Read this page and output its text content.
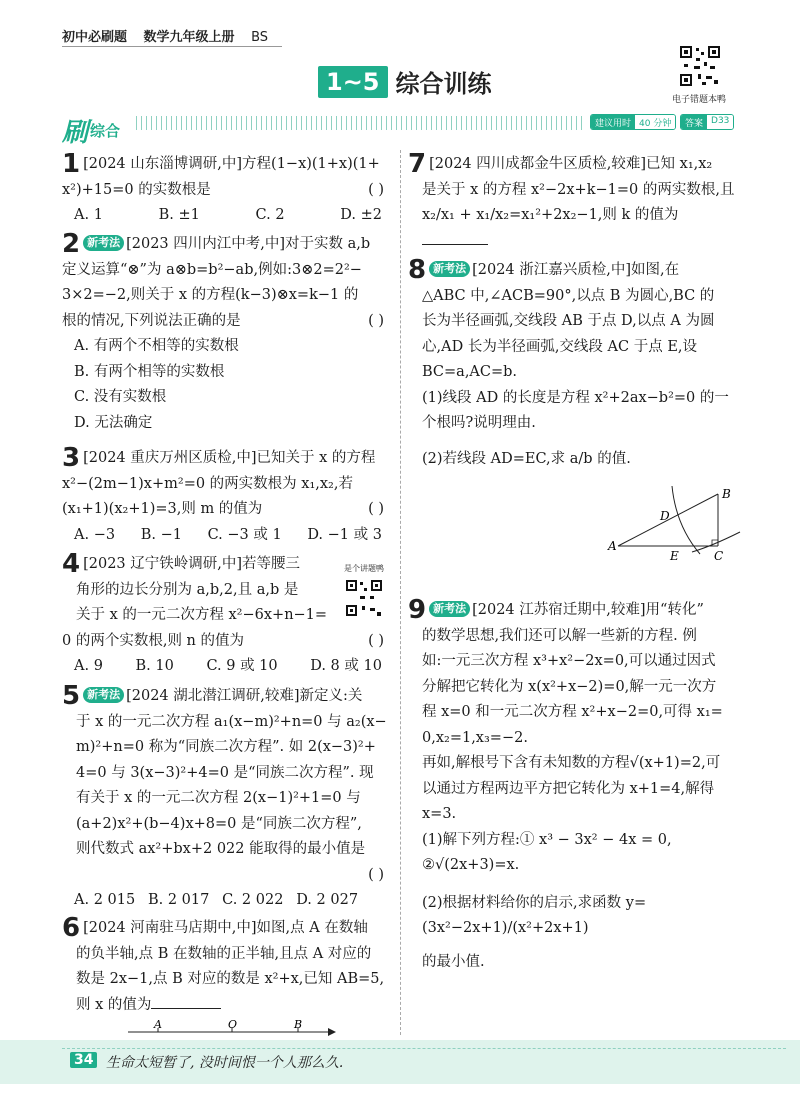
初中必刷题 数学九年级上册 BS
1~5 综合训练
电子错题本鸭
刷 综合	建议用时 40 分钟	答案 D33
1 [2024 山东淄博调研,中]方程(1−x)(1+x)(1+
x²)+15=0 的实数根是	( )
A. 1	B. ±1	C. 2	D. ±2
2 新考法 [2023 四川内江中考,中]对于实数 a,b
定义运算“⊗”为 a⊗b=b²−ab,例如:3⊗2=2²−
3×2=−2,则关于 x 的方程(k−3)⊗x=k−1 的
根的情况,下列说法正确的是	( )
A. 有两个不相等的实数根
B. 有两个相等的实数根
C. 没有实数根
D. 无法确定
3 [2024 重庆万州区质检,中]已知关于 x 的方程
x²−(2m−1)x+m²=0 的两实数根为 x₁,x₂,若
(x₁+1)(x₂+1)=3,则 m 的值为	( )
A. −3 B. −1 C. −3 或 1 D. −1 或 3
4 [2023 辽宁铁岭调研,中]若等腰三
角形的边长分别为 a,b,2,且 a,b 是
关于 x 的一元二次方程 x²−6x+n−1=
0 的两个实数根,则 n 的值为	( )
A. 9 B. 10 C. 9 或 10 D. 8 或 10
是个讲题鸭
5 新考法 [2024 湖北潜江调研,较难]新定义:关
于 x 的一元二次方程 a₁(x−m)²+n=0 与 a₂(x−
m)²+n=0 称为“同族二次方程”. 如 2(x−3)²+
4=0 与 3(x−3)²+4=0 是“同族二次方程”. 现
有关于 x 的一元二次方程 2(x−1)²+1=0 与
(a+2)x²+(b−4)x+8=0 是“同族二次方程”,
则代数式 ax²+bx+2 022 能取得的最小值是
( )
A. 2 015 B. 2 017 C. 2 022 D. 2 027
6 [2024 河南驻马店期中,中]如图,点 A 在数轴
的负半轴,点 B 在数轴的正半轴,且点 A 对应的
数是 2x−1,点 B 对应的数是 x²+x,已知 AB=5,
则 x 的值为
A	O	B
7 [2024 四川成都金牛区质检,较难]已知 x₁,x₂
是关于 x 的方程 x²−2x+k−1=0 的两实数根,且
x₂/x₁ + x₁/x₂=x₁²+2x₂−1,则 k 的值为
8 新考法 [2024 浙江嘉兴质检,中]如图,在
△ABC 中,∠ACB=90°,以点 B 为圆心,BC 的
长为半径画弧,交线段 AB 于点 D,以点 A 为圆
心,AD 长为半径画弧,交线段 AC 于点 E,设
BC=a,AC=b.
(1)线段 AD 的长度是方程 x²+2ax−b²=0 的一
个根吗?说明理由.
(2)若线段 AD=EC,求 a/b 的值.
A
B
C
D
E
9 新考法 [2024 江苏宿迁期中,较难]用“转化”
的数学思想,我们还可以解一些新的方程. 例
如:一元三次方程 x³+x²−2x=0,可以通过因式
分解把它转化为 x(x²+x−2)=0,解一元一次方
程 x=0 和一元二次方程 x²+x−2=0,可得 x₁=
0,x₂=1,x₃=−2.
再如,解根号下含有未知数的方程√(x+1)=2,可
以通过方程两边平方把它转化为 x+1=4,解得
x=3.
(1)解下列方程:① x³ − 3x² − 4x = 0,
②√(2x+3)=x.
(2)根据材料给你的启示,求函数 y=(3x²−2x+1)/(x²+2x+1)
的最小值.
34 生命太短暂了, 没时间恨一个人那么久.
